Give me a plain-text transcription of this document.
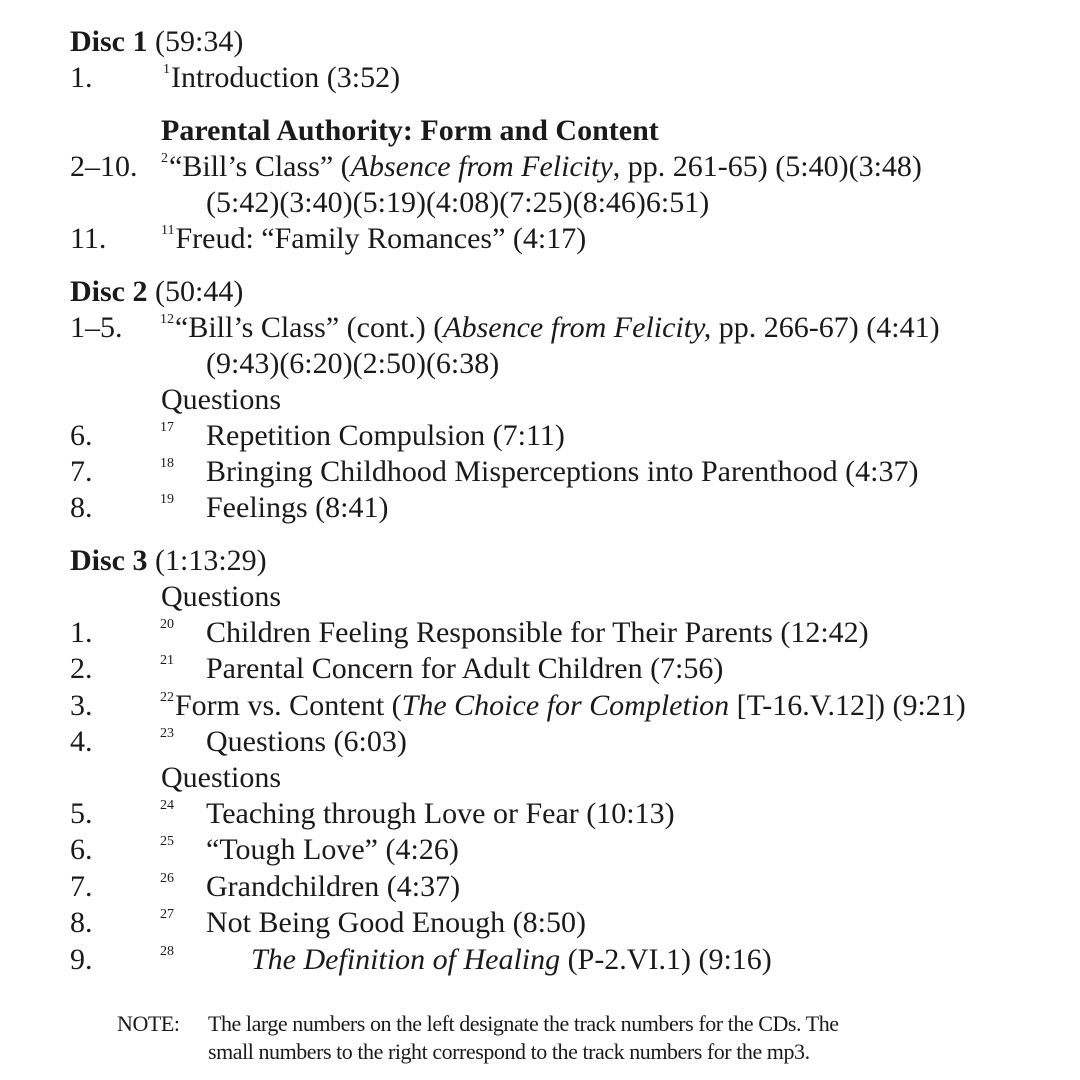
Disc 1 (59:34)
1.	$^1$Introduction (3:52)
Parental Authority: Form and Content
2–10. $^2$“Bill’s Class” (Absence from Felicity, pp. 261-65) (5:40)(3:48)
(5:42)(3:40)(5:19)(4:08)(7:25)(8:46)6:51)
11.	$^{11}$Freud: “Family Romances” (4:17)
Disc 2 (50:44)
1–5.	$^{12}$“Bill’s Class” (cont.) (Absence from Felicity, pp. 266-67) (4:41)
(9:43)(6:20)(2:50)(6:38)
Questions
6.	$^{17}$ Repetition Compulsion (7:11)
7.	$^{18}$ Bringing Childhood Misperceptions into Parenthood (4:37)
8.	$^{19}$ Feelings (8:41)
Disc 3 (1:13:29)
Questions
1.	$^{20}$ Children Feeling Responsible for Their Parents (12:42)
2.	$^{21}$ Parental Concern for Adult Children (7:56)
3.	$^{22}$Form vs. Content (The Choice for Completion [T-16.V.12]) (9:21)
4.	$^{23}$ Questions (6:03)
Questions
5.	$^{24}$ Teaching through Love or Fear (10:13)
6.	$^{25}$ “Tough Love” (4:26)
7.	$^{26}$ Grandchildren (4:37)
8.	$^{27}$ Not Being Good Enough (8:50)
9.	$^{28}$	The Definition of Healing (P-2.VI.1) (9:16)
NOTE: The large numbers on the left designate the track numbers for the CDs. The
small numbers to the right correspond to the track numbers for the mp3.
